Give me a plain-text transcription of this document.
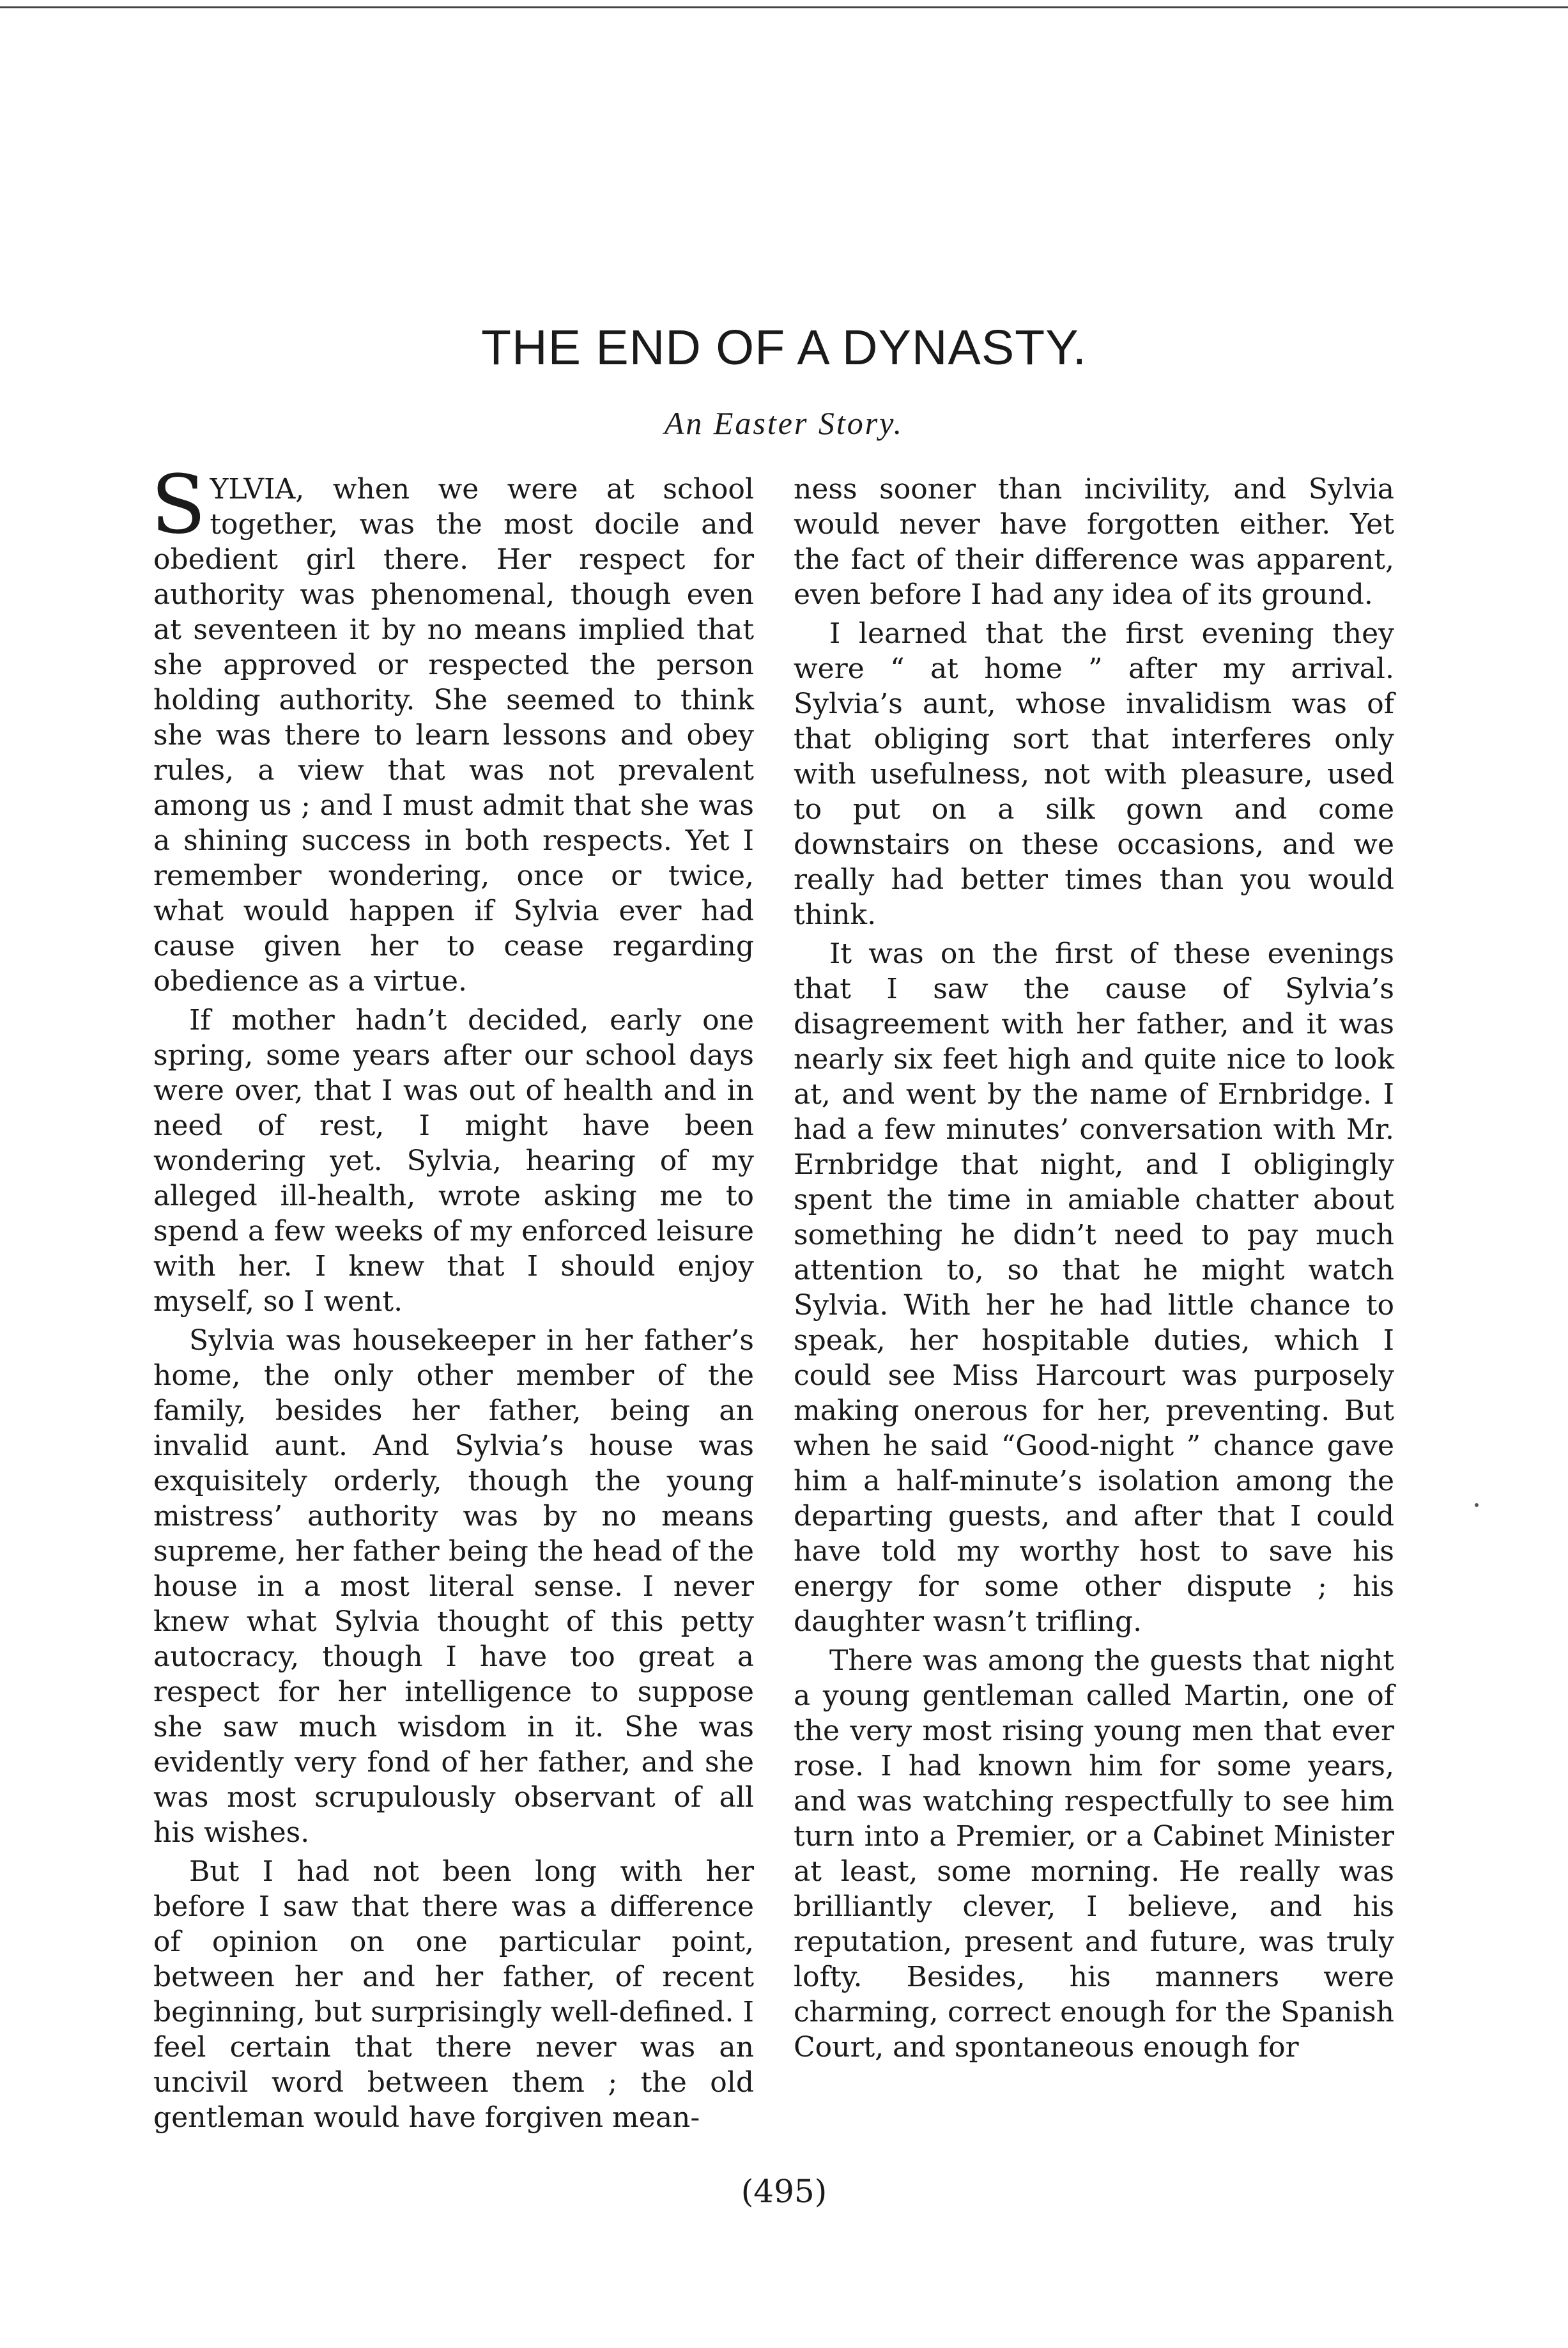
THE END OF A DYNASTY.
An Easter Story.

SYLVIA, when we were at school together, was the most docile and obedient girl there. Her respect for authority was phenomenal, though even at seventeen it by no means implied that she approved or respected the person holding authority. She seemed to think she was there to learn lessons and obey rules, a view that was not prevalent among us ; and I must admit that she was a shining success in both respects. Yet I remember wondering, once or twice, what would happen if Sylvia ever had cause given her to cease regarding obedience as a virtue.

If mother hadn’t decided, early one spring, some years after our school days were over, that I was out of health and in need of rest, I might have been wondering yet. Sylvia, hearing of my alleged ill-health, wrote asking me to spend a few weeks of my enforced leisure with her. I knew that I should enjoy myself, so I went.

Sylvia was housekeeper in her father’s home, the only other member of the family, besides her father, being an invalid aunt. And Sylvia’s house was exquisitely orderly, though the young mistress’ authority was by no means supreme, her father being the head of the house in a most literal sense. I never knew what Sylvia thought of this petty autocracy, though I have too great a respect for her intelligence to suppose she saw much wisdom in it. She was evidently very fond of her father, and she was most scrupulously observant of all his wishes.

But I had not been long with her before I saw that there was a difference of opinion on one particular point, between her and her father, of recent beginning, but surprisingly well-defined. I feel certain that there never was an uncivil word between them ; the old gentleman would have forgiven mean-

ness sooner than incivility, and Sylvia would never have forgotten either. Yet the fact of their difference was apparent, even before I had any idea of its ground.

I learned that the first evening they were “ at home ” after my arrival. Sylvia’s aunt, whose invalidism was of that obliging sort that interferes only with usefulness, not with pleasure, used to put on a silk gown and come downstairs on these occasions, and we really had better times than you would think.

It was on the first of these evenings that I saw the cause of Sylvia’s disagreement with her father, and it was nearly six feet high and quite nice to look at, and went by the name of Ernbridge. I had a few minutes’ conversation with Mr. Ernbridge that night, and I obligingly spent the time in amiable chatter about something he didn’t need to pay much attention to, so that he might watch Sylvia. With her he had little chance to speak, her hospitable duties, which I could see Miss Harcourt was purposely making onerous for her, preventing. But when he said “Good-night ” chance gave him a half-minute’s isolation among the departing guests, and after that I could have told my worthy host to save his energy for some other dispute ; his daughter wasn’t trifling.

There was among the guests that night a young gentleman called Martin, one of the very most rising young men that ever rose. I had known him for some years, and was watching respectfully to see him turn into a Premier, or a Cabinet Minister at least, some morning. He really was brilliantly clever, I believe, and his reputation, present and future, was truly lofty. Besides, his manners were charming, correct enough for the Spanish Court, and spontaneous enough for

(495)
